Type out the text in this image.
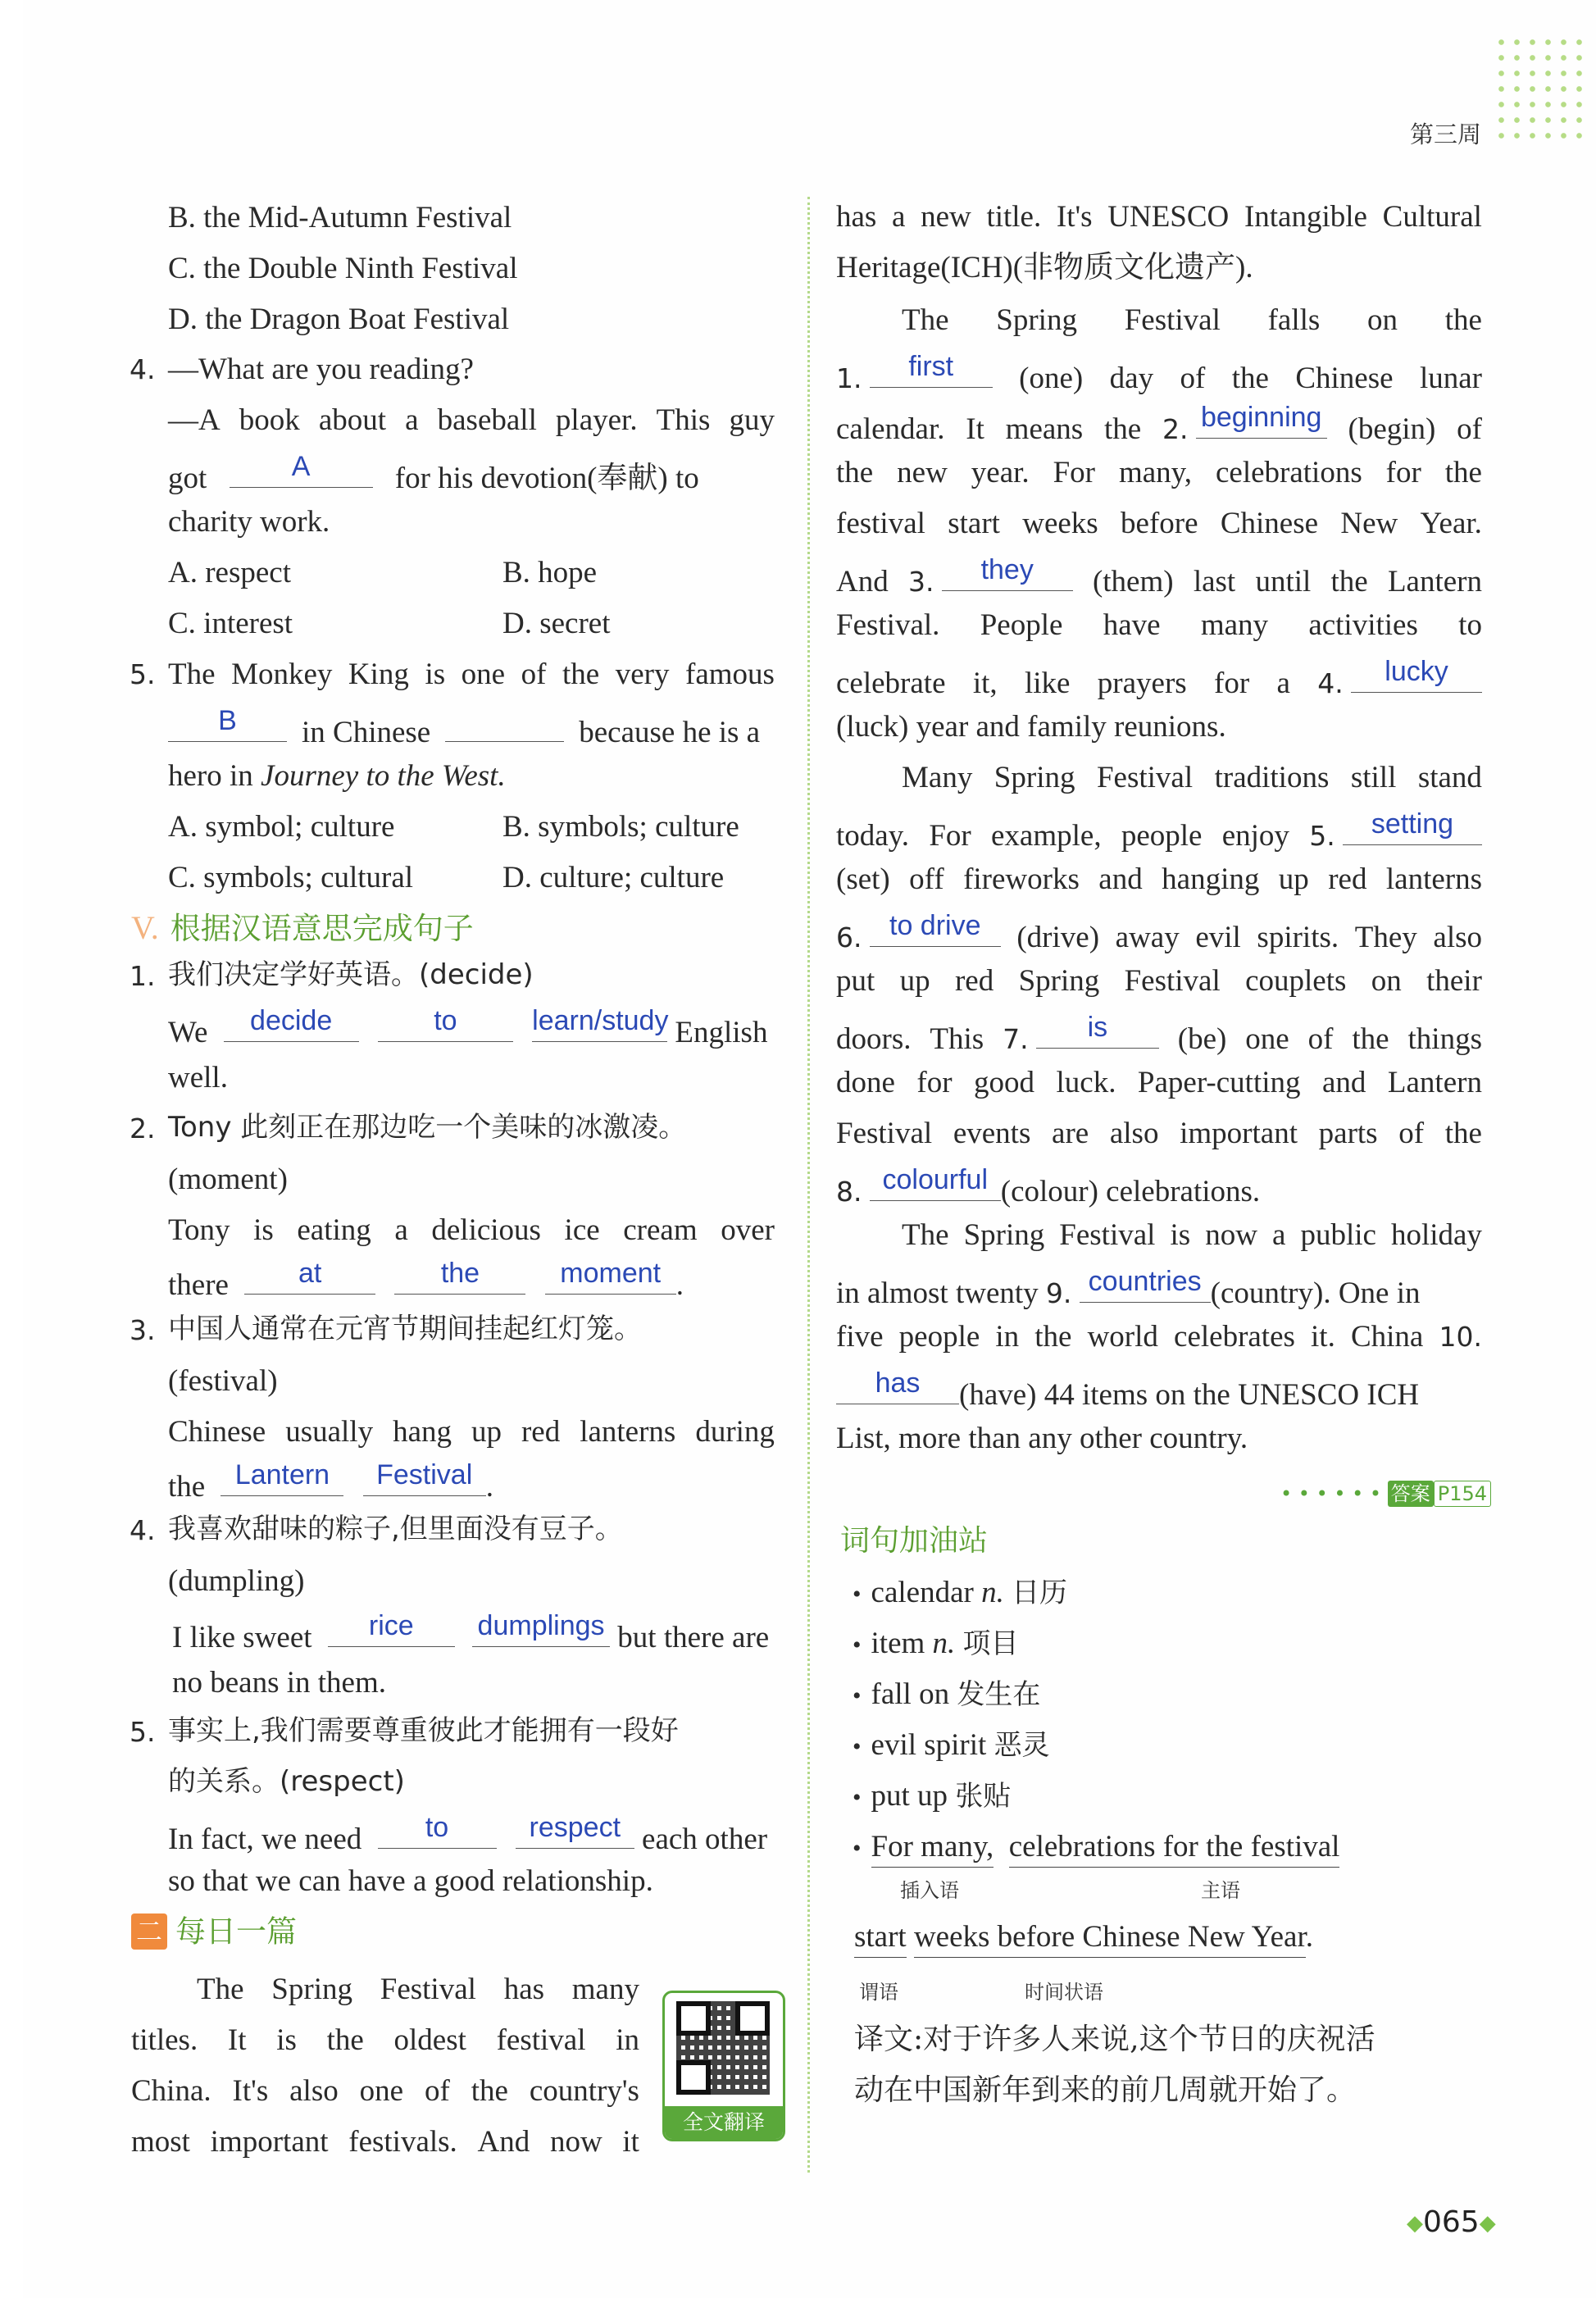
第三周
B. the Mid-Autumn Festival
C. the Double Ninth Festival
D. the Dragon Boat Festival
4. —What are you reading?
—A book about a baseball player. This guy
got	A	for his devotion(奉献) to
charity work.
A. respect	B. hope
C. interest	D. secret
5. The Monkey King is one of the very famous
B	in Chinese	because he is a
hero in Journey to the West.
A. symbol; culture	B. symbols; culture
C. symbols; cultural	D. culture; culture
V. 根据汉语意思完成句子
1. 我们决定学好英语。(decide)
We	decide
	to
	learn/study English
well.
2. Tony 此刻正在那边吃一个美味的冰激凌。
(moment)
Tony is eating a delicious ice cream over
there	at
	the
	moment .
3. 中国人通常在元宵节期间挂起红灯笼。
(festival)
Chinese usually hang up red lanterns during
the	Lantern
	Festival .
4. 我喜欢甜味的粽子,但里面没有豆子。
(dumpling)
I like sweet	rice
	dumplings but there are
no beans in them.
5. 事实上,我们需要尊重彼此才能拥有一段好
的关系。(respect)
In fact, we need	to
	respect each other
so that we can have a good relationship.
二 每日一篇
The Spring Festival has many
titles. It is the oldest festival in
China. It's also one of the country's
most important festivals. And now it
全文翻译
has a new title. It's UNESCO Intangible Cultural
Heritage(ICH)(非物质文化遗产).
The Spring Festival falls on the
1.	first	(one) day of the Chinese lunar
calendar. It means the 2. beginning (begin) of
the new year. For many, celebrations for the
festival start weeks before Chinese New Year.
And 3.	they	(them) last until the Lantern
Festival. People have many activities to
celebrate it, like prayers for a 4.	lucky
(luck) year and family reunions.
Many Spring Festival traditions still stand
today. For example, people enjoy 5.	setting
(set) off fireworks and hanging up red lanterns
6. to drive	(drive) away evil spirits. They also
put up red Spring Festival couplets on their
doors. This 7.	is	(be) one of the things
done for good luck. Paper-cutting and Lantern
Festival events are also important parts of the
8. colourful (colour) celebrations.
The Spring Festival is now a public holiday
in almost twenty 9. countries (country). One in
five people in the world celebrates it. China 10.
has	(have) 44 items on the UNESCO ICH
List, more than any other country.
• • • • • • 答案 P154
词句加油站
• calendar n. 日历
• item n. 项目
• fall on 发生在
• evil spirit 恶灵
• put up 张贴
• For many, celebrations for the festival
插入语	主语
start weeks before Chinese New Year.
谓语	时间状语
译文:对于许多人来说,这个节日的庆祝活
动在中国新年到来的前几周就开始了。
◆065◆
